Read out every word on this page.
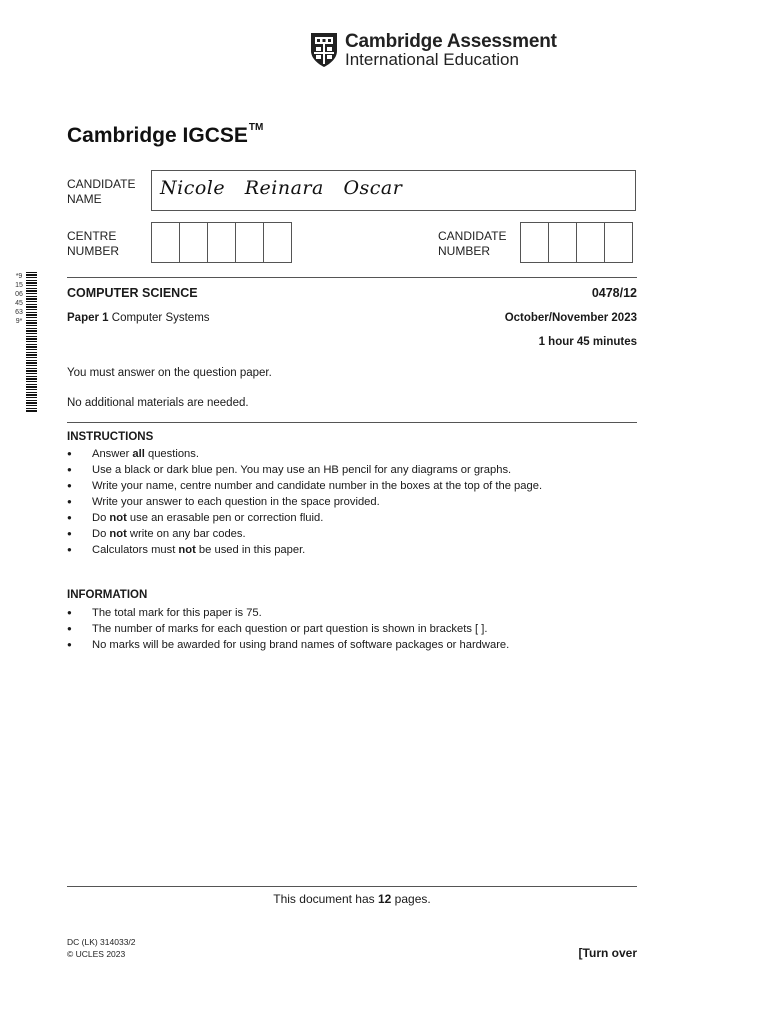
Cambridge Assessment
International Education
Cambridge IGCSE™
CANDIDATE
NAME	Nicole   Reinara   Oscar
CENTRE
NUMBER
CANDIDATE
NUMBER
*9150645639*
COMPUTER SCIENCE	0478/12
Paper 1 Computer Systems	October/November 2023
1 hour 45 minutes
You must answer on the question paper.
No additional materials are needed.
INSTRUCTIONS
● Answer all questions.
● Use a black or dark blue pen. You may use an HB pencil for any diagrams or graphs.
● Write your name, centre number and candidate number in the boxes at the top of the page.
● Write your answer to each question in the space provided.
● Do not use an erasable pen or correction fluid.
● Do not write on any bar codes.
● Calculators must not be used in this paper.
INFORMATION
● The total mark for this paper is 75.
● The number of marks for each question or part question is shown in brackets [ ].
● No marks will be awarded for using brand names of software packages or hardware.
This document has 12 pages.
DC (LK) 314033/2
© UCLES 2023	[Turn over
